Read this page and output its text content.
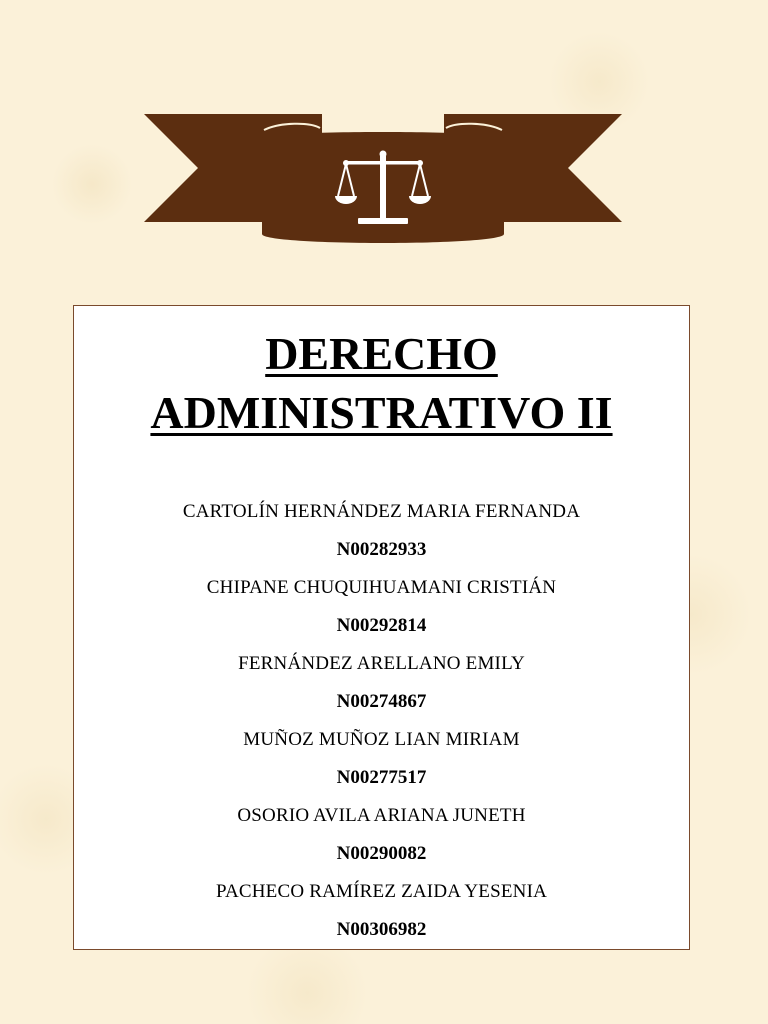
DERECHO
ADMINISTRATIVO II
CARTOLÍN HERNÁNDEZ MARIA FERNANDA
N00282933
CHIPANE CHUQUIHUAMANI CRISTIÁN
N00292814
FERNÁNDEZ ARELLANO EMILY
N00274867
MUÑOZ MUÑOZ LIAN MIRIAM
N00277517
OSORIO AVILA ARIANA JUNETH
N00290082
PACHECO RAMÍREZ ZAIDA YESENIA
N00306982
